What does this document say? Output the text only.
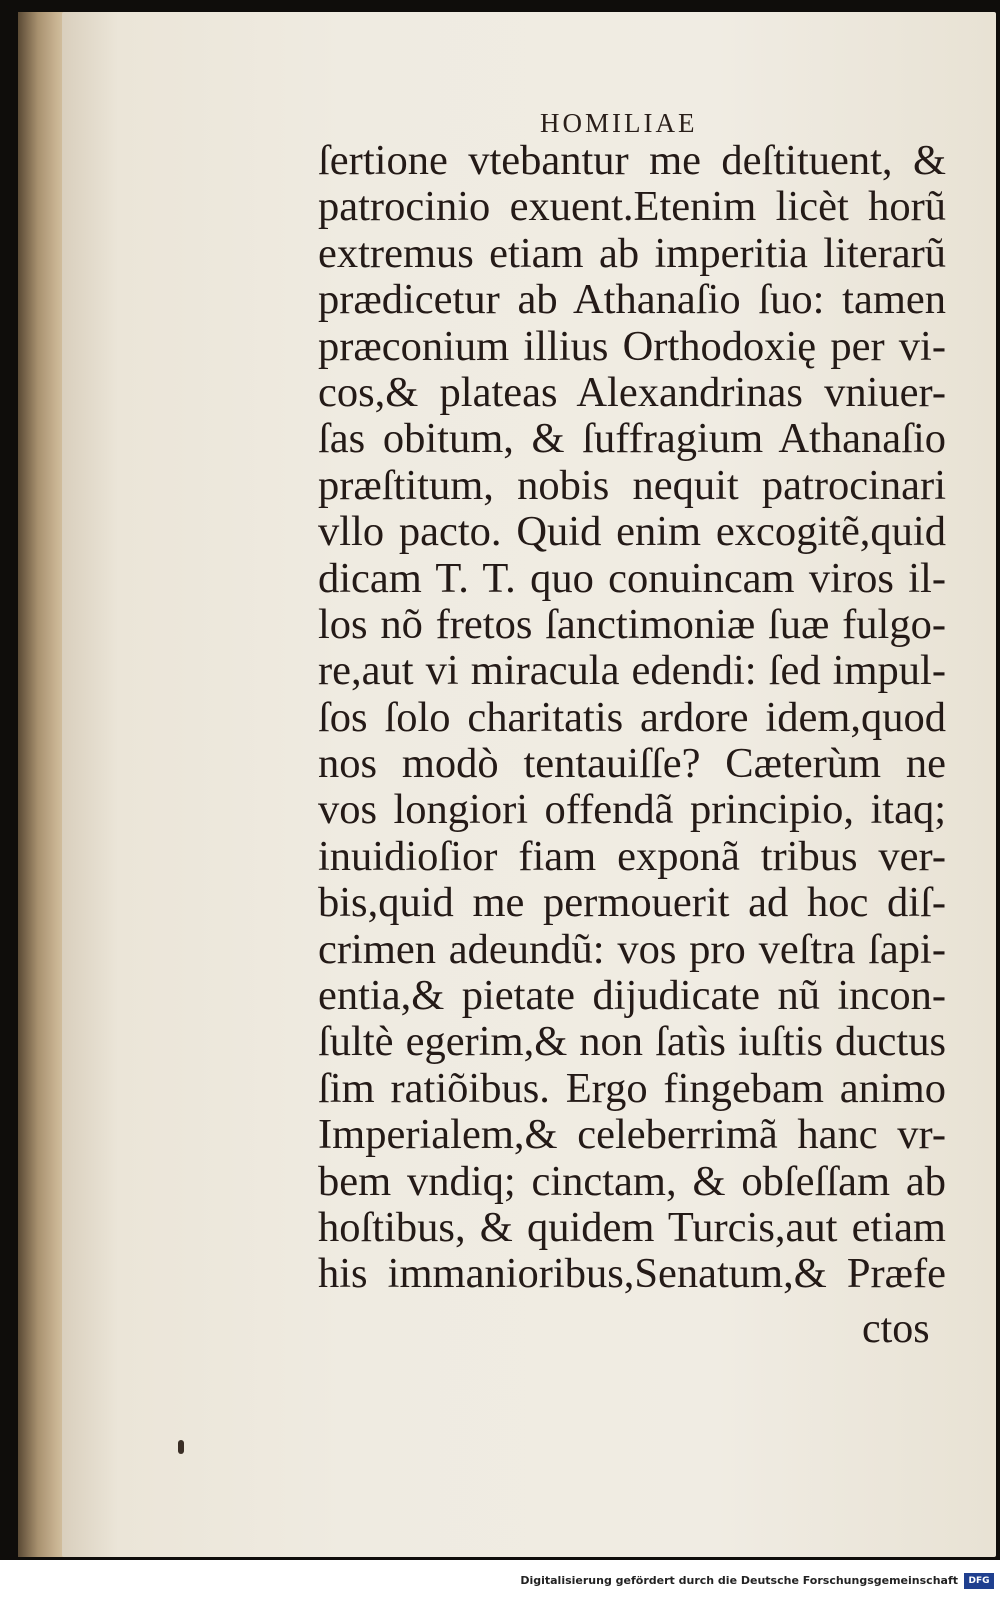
HOMILIAE
ſertione vtebantur me deſtituent, &
patrocinio exuent.Etenim licèt horũ
extremus etiam ab imperitia literarũ
prædicetur ab Athanaſio ſuo: tamen
præconium illius Orthodoxię per vi-
cos,& plateas Alexandrinas vniuer-
ſas obitum, & ſuffragium Athanaſio
præſtitum, nobis nequit patrocinari
vllo pacto. Quid enim excogitẽ,quid
dicam T. T. quo conuincam viros il-
los nõ fretos ſanctimoniæ ſuæ fulgo-
re,aut vi miracula edendi: ſed impul-
ſos ſolo charitatis ardore idem,quod
nos modò tentauiſſe? Cæterùm ne
vos longiori offendã principio, itaq;
inuidioſior fiam exponã tribus ver-
bis,quid me permouerit ad hoc diſ-
crimen adeundũ: vos pro veſtra ſapi-
entia,& pietate dijudicate nũ incon-
ſultè egerim,& non ſatìs iuſtis ductus
ſim ratiõibus. Ergo fingebam animo
Imperialem,& celeberrimã hanc vr-
bem vndiq; cinctam, & obſeſſam ab
hoſtibus, & quidem Turcis,aut etiam
his immanioribus,Senatum,& Præfe
ctos
Digitalisierung gefördert durch die Deutsche Forschungsgemeinschaft	DFG
